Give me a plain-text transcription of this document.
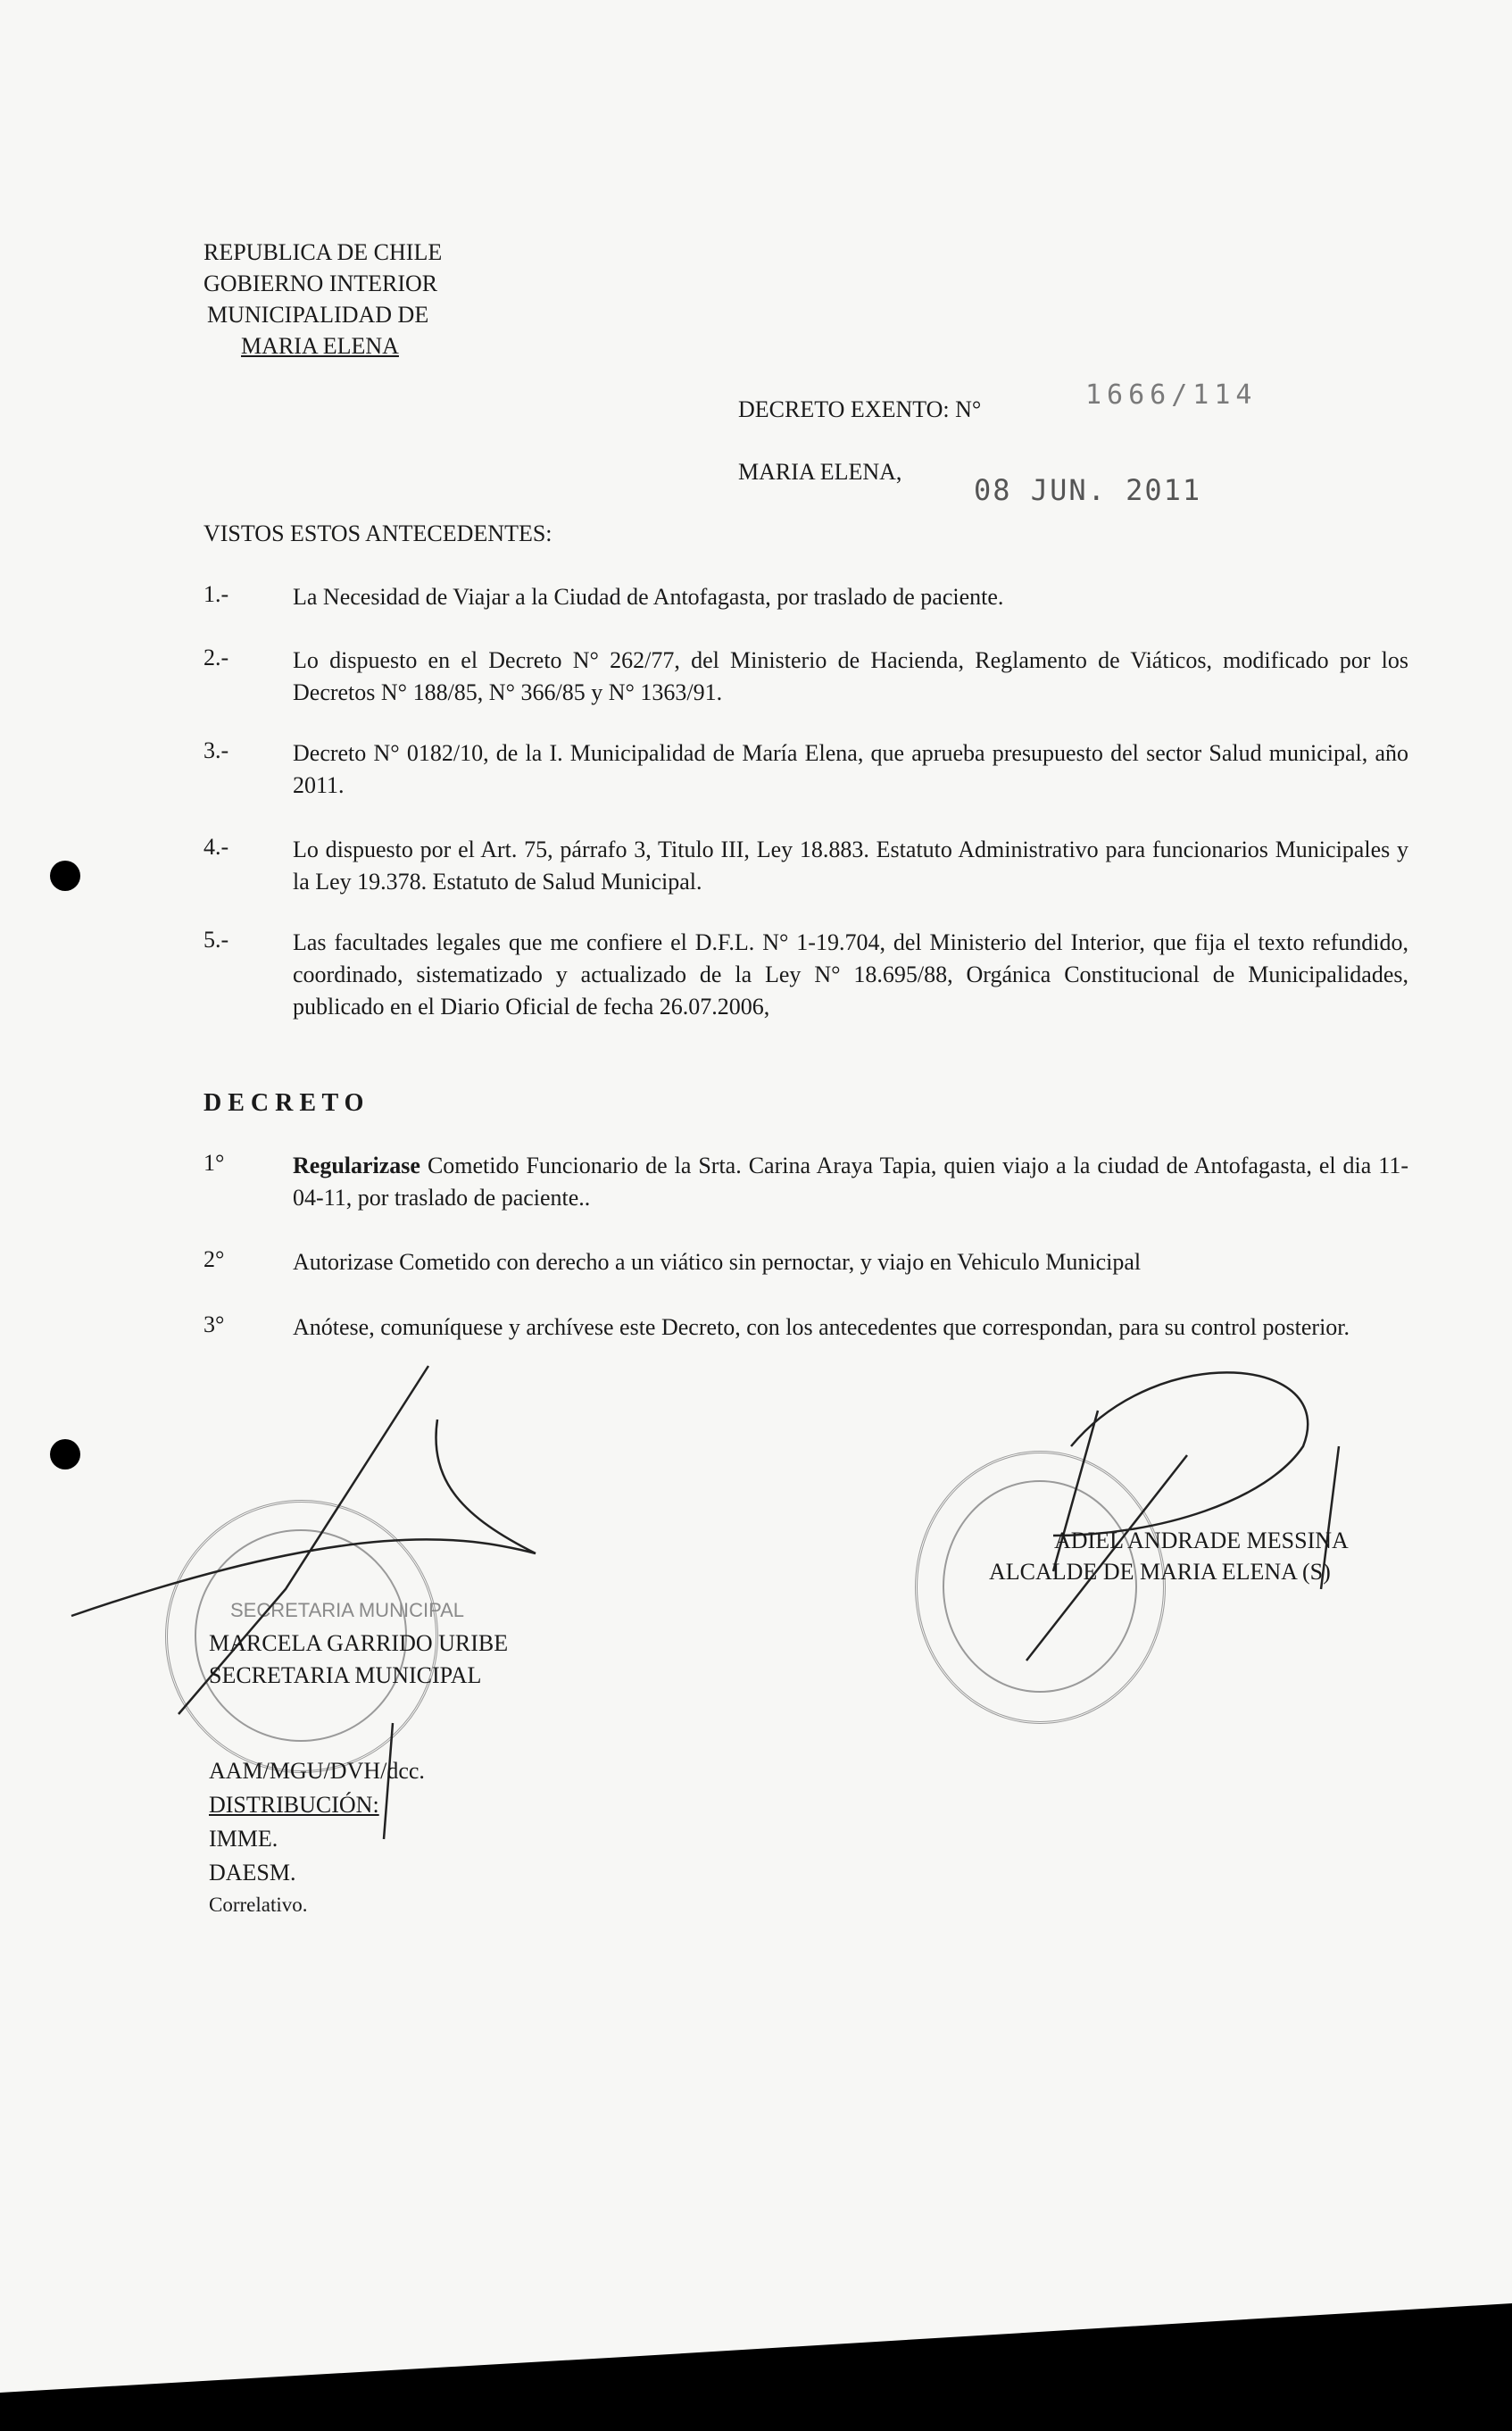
REPUBLICA DE CHILE
GOBIERNO INTERIOR
MUNICIPALIDAD DE
MARIA ELENA
DECRETO EXENTO: N°	1666/114
MARIA ELENA,
08 JUN. 2011
VISTOS ESTOS ANTECEDENTES:
1.-	La Necesidad de Viajar a la Ciudad de Antofagasta, por traslado de paciente.
2.-	Lo dispuesto en el Decreto N° 262/77, del Ministerio de Hacienda, Reglamento de Viáticos, modificado por los Decretos N° 188/85, N° 366/85 y N° 1363/91.
3.-	Decreto N° 0182/10, de la I. Municipalidad de María Elena, que aprueba presupuesto del sector Salud municipal, año 2011.
4.-	Lo dispuesto por el Art. 75, párrafo 3, Titulo III, Ley 18.883. Estatuto Administrativo para funcionarios Municipales y la Ley 19.378. Estatuto de Salud Municipal.
5.-	Las facultades legales que me confiere el D.F.L. N° 1-19.704, del Ministerio del Interior, que fija el texto refundido, coordinado, sistematizado y actualizado de la Ley N° 18.695/88, Orgánica Constitucional de Municipalidades, publicado en el Diario Oficial de fecha 26.07.2006,
D E C R E T O
1°	Regularizase Cometido Funcionario de la Srta. Carina Araya Tapia, quien viajo a la ciudad de Antofagasta, el dia 11-04-11, por traslado de paciente..
2°	Autorizase Cometido con derecho a un viático sin pernoctar, y viajo en Vehiculo Municipal
3°	Anótese, comuníquese y archívese este Decreto, con los antecedentes que correspondan, para su control posterior.
SECRETARIA MUNICIPAL
MARCELA GARRIDO URIBE
SECRETARIA MUNICIPAL
ADIEL ANDRADE MESSINA
ALCALDE DE MARIA ELENA (S)
AAM/MGU/DVH/dcc.
DISTRIBUCIÓN:
IMME.
DAESM.
Correlativo.
